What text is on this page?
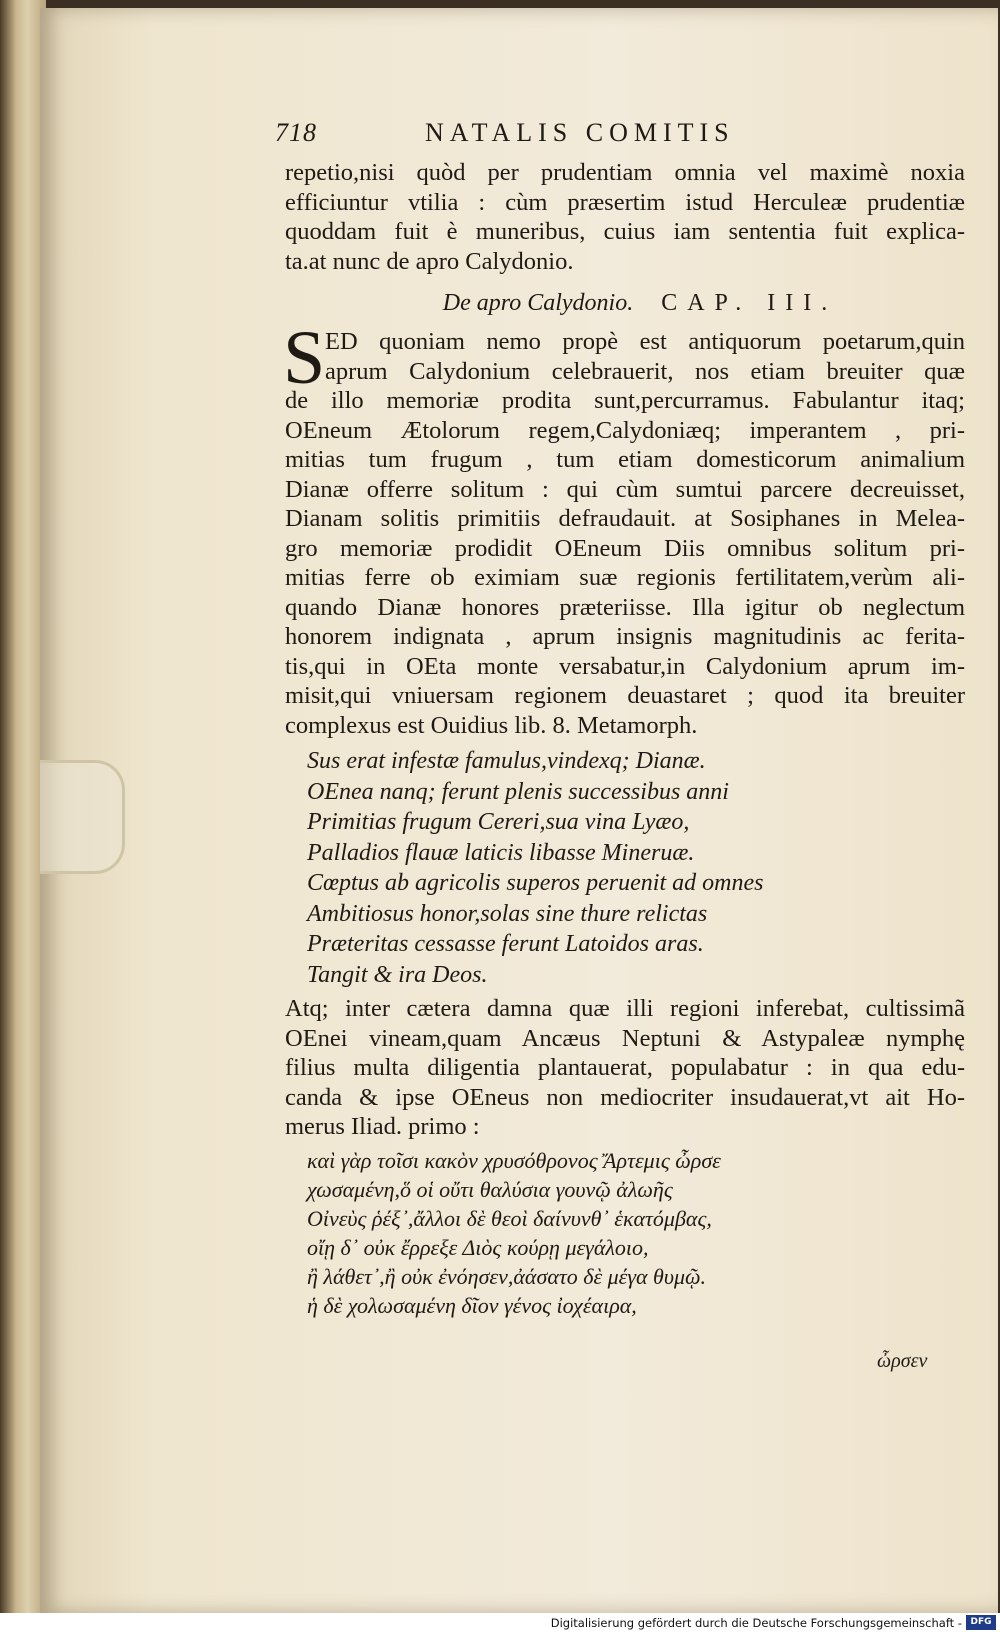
718	NATALIS COMITIS
repetio,nisi quòd per prudentiam omnia vel maximè noxia
efficiuntur vtilia : cùm præsertim istud Herculeæ prudentiæ
quoddam fuit è muneribus, cuius iam sententia fuit explica-
ta.at nunc de apro Calydonio.
De apro Calydonio. CAP. III.
S ED quoniam nemo propè est antiquorum poetarum,quin
aprum Calydonium celebrauerit, nos etiam breuiter quæ
de illo memoriæ prodita sunt,percurramus. Fabulantur itaq;
OEneum Ætolorum regem,Calydoniæq; imperantem , pri-
mitias tum frugum , tum etiam domesticorum animalium
Dianæ offerre solitum : qui cùm sumtui parcere decreuisset,
Dianam solitis primitiis defraudauit. at Sosiphanes in Melea-
gro memoriæ prodidit OEneum Diis omnibus solitum pri-
mitias ferre ob eximiam suæ regionis fertilitatem,verùm ali-
quando Dianæ honores præteriisse. Illa igitur ob neglectum
honorem indignata , aprum insignis magnitudinis ac ferita-
tis,qui in OEta monte versabatur,in Calydonium aprum im-
misit,qui vniuersam regionem deuastaret ; quod ita breuiter
complexus est Ouidius lib. 8. Metamorph.
Sus erat infestæ famulus,vindexq; Dianæ.
OEnea nanq; ferunt plenis successibus anni
Primitias frugum Cereri,sua vina Lyæo,
Palladios flauæ laticis libasse Mineruæ.
Cœptus ab agricolis superos peruenit ad omnes
Ambitiosus honor,solas sine thure relictas
Præteritas cessasse ferunt Latoidos aras.
Tangit & ira Deos.
Atq; inter cætera damna quæ illi regioni inferebat, cultissimã
OEnei vineam,quam Ancæus Neptuni & Astypaleæ nymphę
filius multa diligentia plantauerat, populabatur : in qua edu-
canda & ipse OEneus non mediocriter insudauerat,vt ait Ho-
merus Iliad. primo :
καὶ γὰρ τοῖσι κακὸν χρυσόθρονος Ἄρτεμις ὦρσε
χωσαμένη,ὅ οἱ οὔτι θαλύσια γουνῷ ἀλωῆς
Οἰνεὺς ῥέξ᾽,ἄλλοι δὲ θεοὶ δαίνυνθ᾽ ἑκατόμβας,
οἴῃ δ᾽ οὐκ ἔρρεξε Διὸς κούρῃ μεγάλοιο,
ἢ λάθετ᾽,ἢ οὐκ ἐνόησεν,ἀάσατο δὲ μέγα θυμῷ.
ἡ δὲ χολωσαμένη δῖον γένος ἰοχέαιρα,
ὦρσεν
Digitalisierung gefördert durch die Deutsche Forschungsgemeinschaft - DFG
